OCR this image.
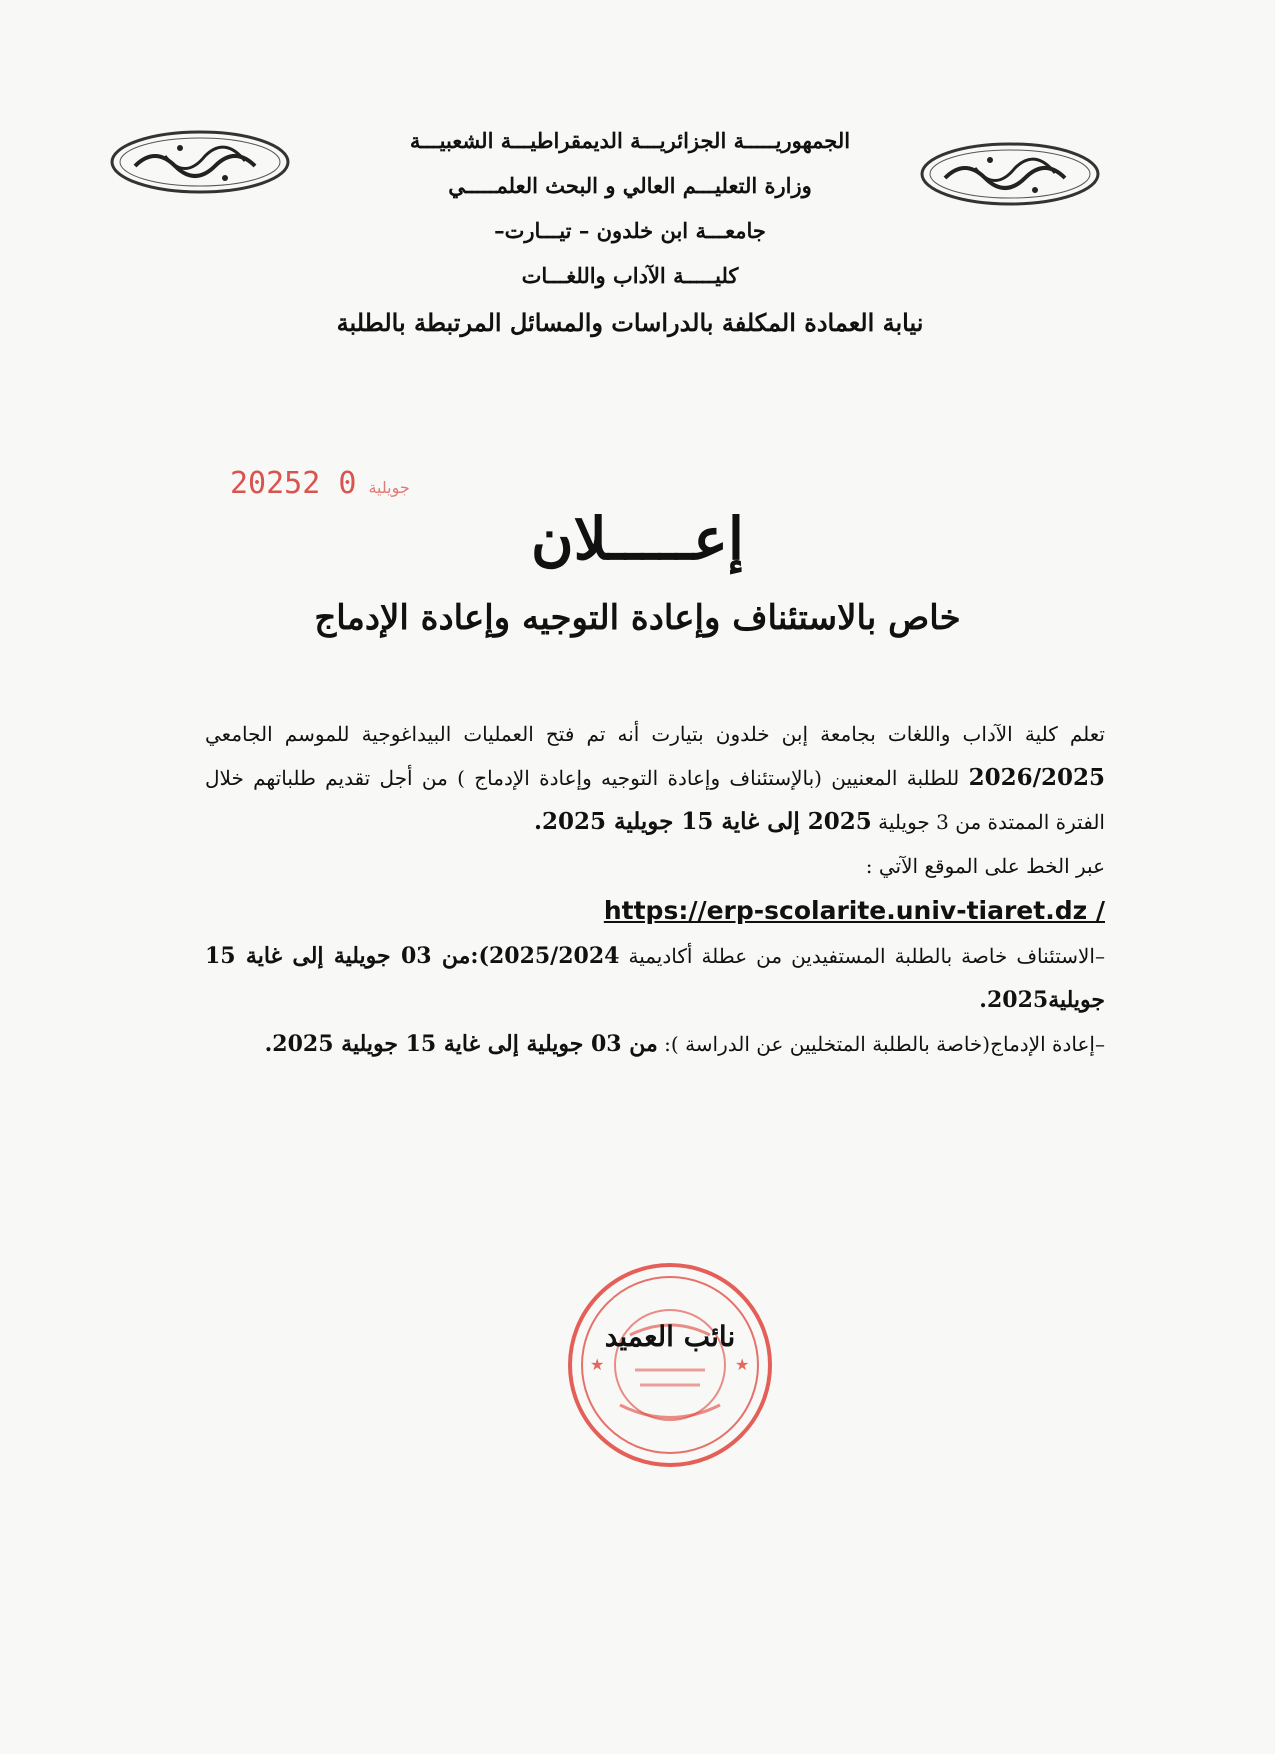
الجمهوريـــــة الجزائريـــة الديمقراطيـــة الشعبيـــة
وزارة التعليـــم العالي و البحث العلمـــــي
جامعـــة ابن خلدون – تيـــارت–
كليـــــة الآداب واللغـــات
نيابة العمادة المكلفة بالدراسات والمسائل المرتبطة بالطلبة
2025	جويلية0 2
إعـــــلان
خاص بالاستئناف وإعادة التوجيه وإعادة الإدماج

تعلم كلية الآداب واللغات بجامعة إبن خلدون بتيارت أنه تم فتح العمليات البيداغوجية للموسم الجامعي 2026/2025 للطلبة المعنيين (بالإستئناف وإعادة التوجيه وإعادة الإدماج ) من أجل تقديم طلباتهم خلال الفترة الممتدة من 3 جويلية 2025 إلى غاية 15 جويلية 2025.

عبر الخط على الموقع الآتي :

https://erp-scolarite.univ-tiaret.dz /

–الاستئناف خاصة بالطلبة المستفيدين من عطلة أكاديمية 2025/2024):من 03 جويلية إلى غاية 15 جويلية2025.

–إعادة الإدماج(خاصة بالطلبة المتخليين عن الدراسة ): من 03 جويلية إلى غاية 15 جويلية 2025.

★	★
نائب العميد
